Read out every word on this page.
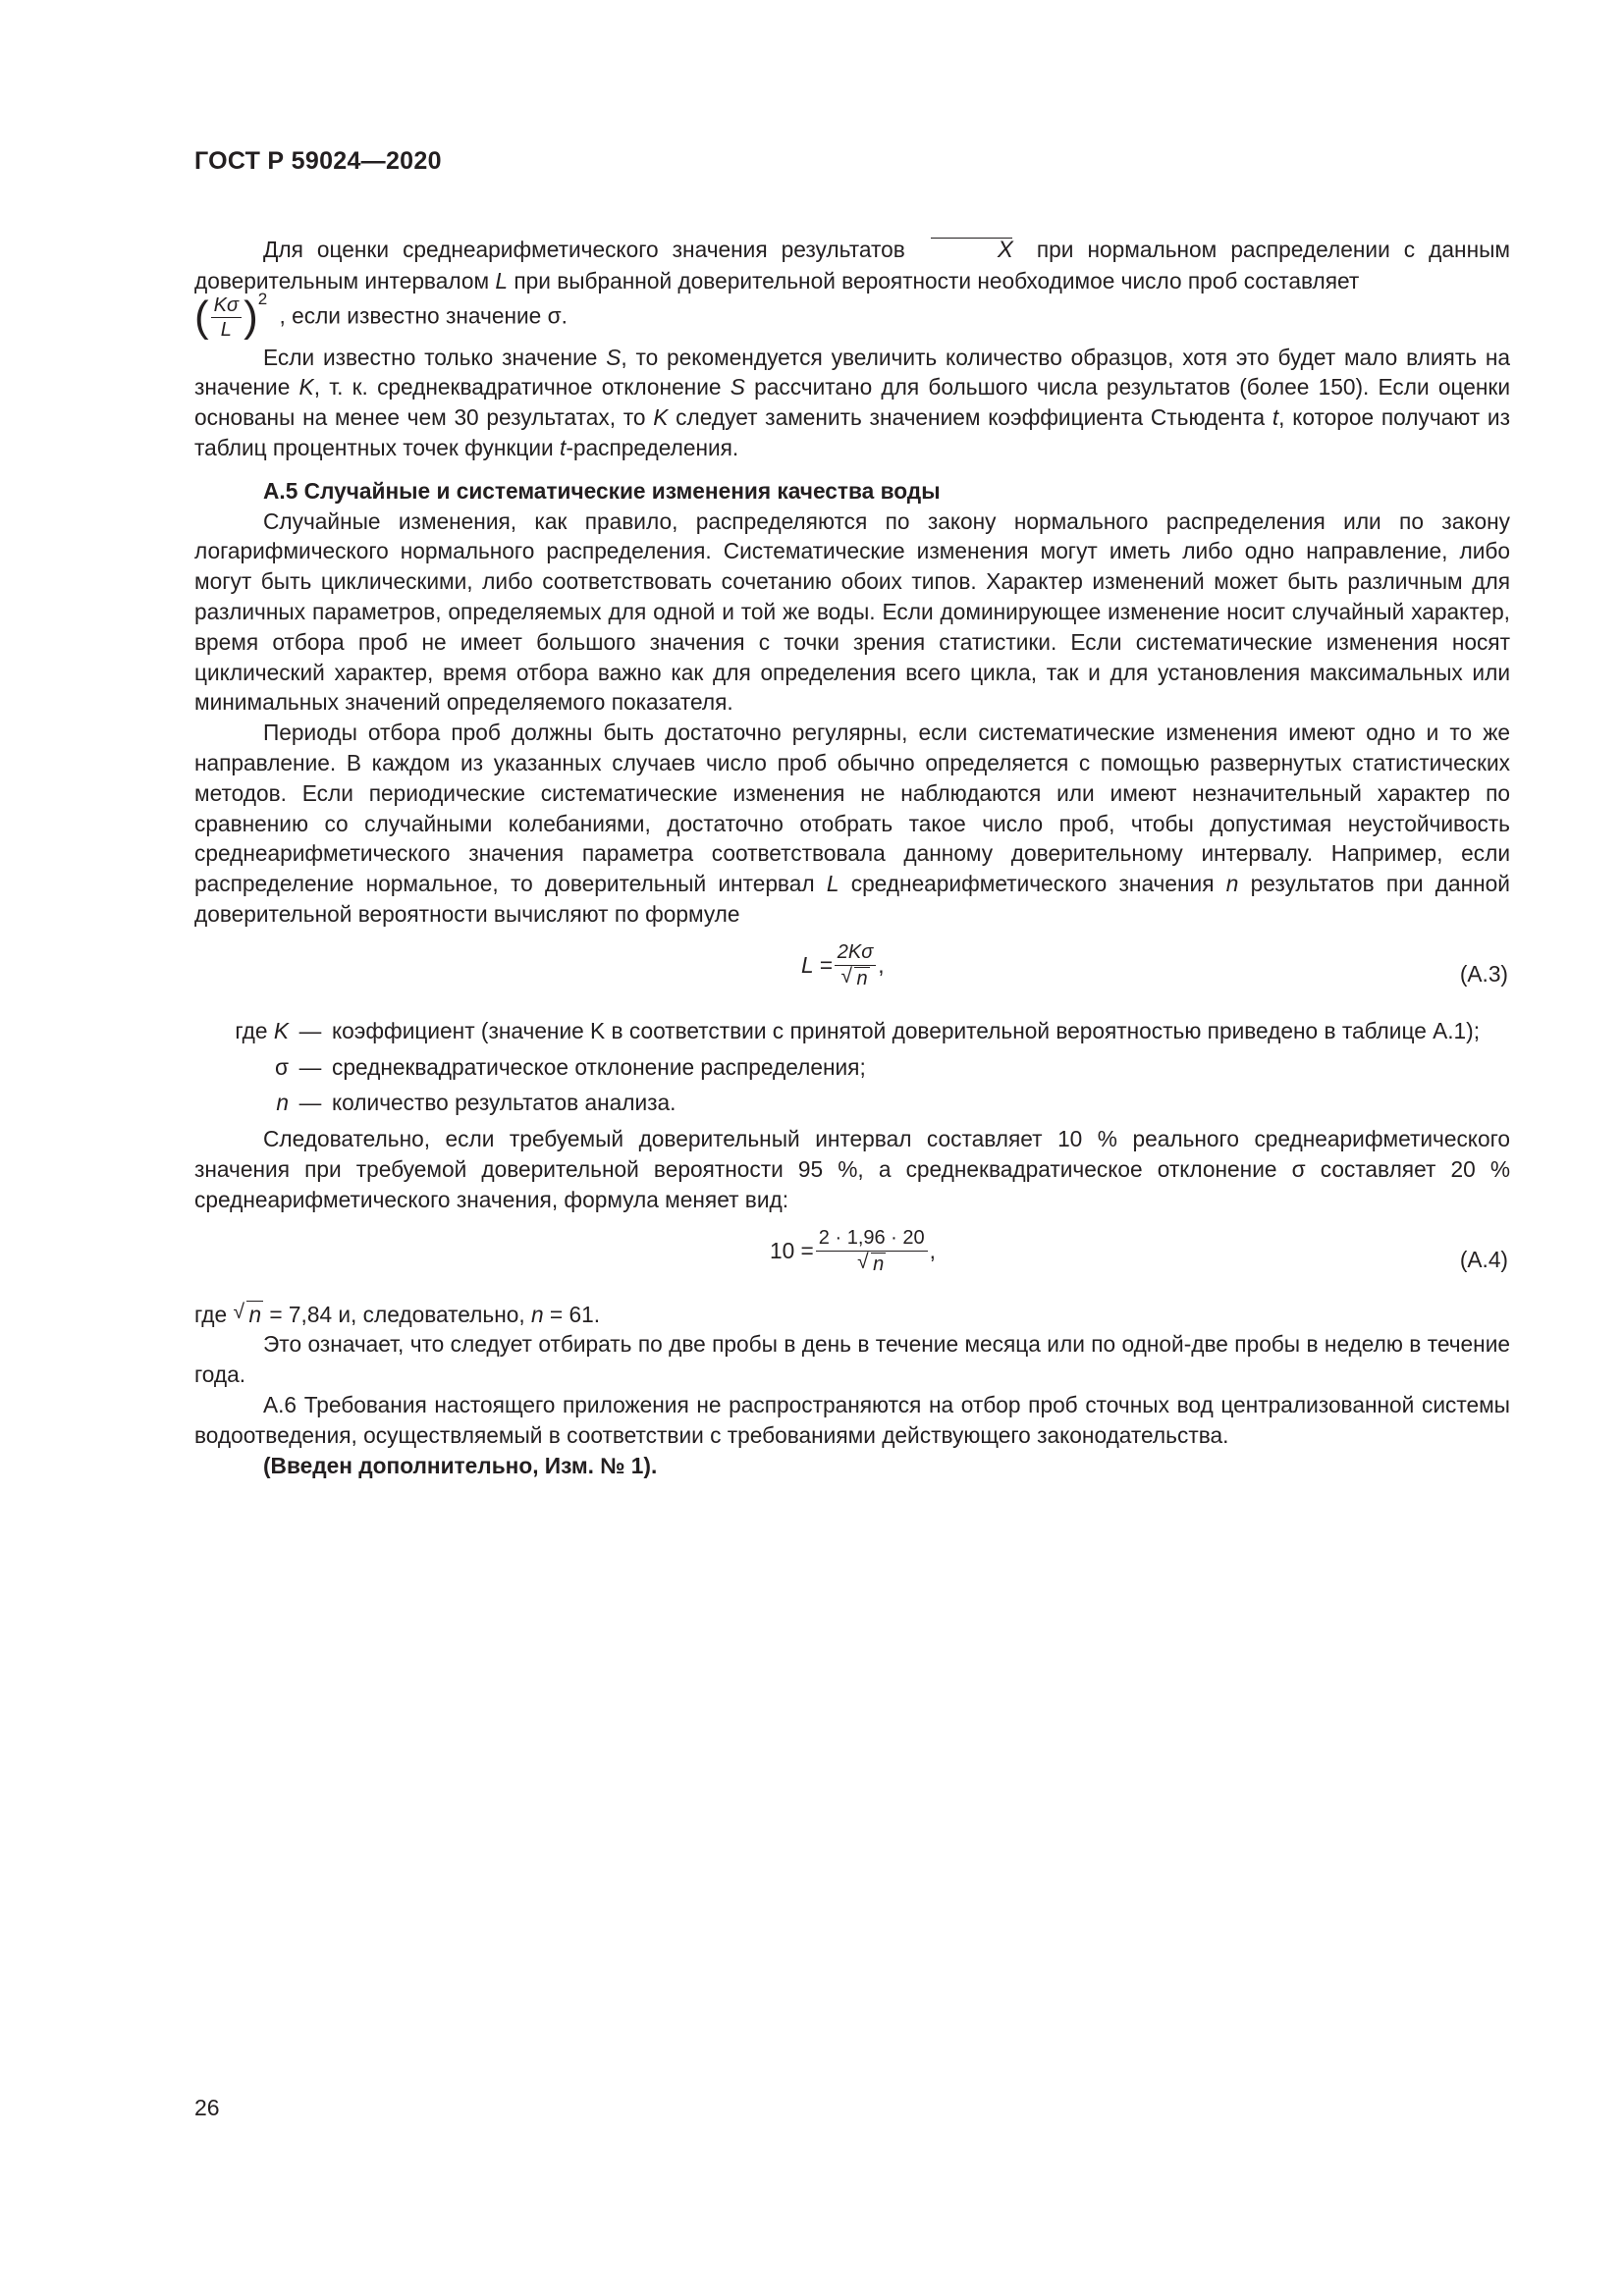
ГОСТ Р 59024—2020

Для оценки среднеарифметического значения результатов	X при нормальном распределении с данным доверительным интервалом L при выбранной доверительной вероятности необходимое число проб составляет

( $\frac{K\sigma}{L}$ ) 2
, если известно значение σ.

Если известно только значение S, то рекомендуется увеличить количество образцов, хотя это будет мало влиять на значение K, т. к. среднеквадратичное отклонение S рассчитано для большого числа результатов (более 150). Если оценки основаны на менее чем 30 результатах, то K следует заменить значением коэффициента Стьюдента t, которое получают из таблиц процентных точек функции t-распределения.

А.5 Случайные и систематические изменения качества воды

Случайные изменения, как правило, распределяются по закону нормального распределения или по закону логарифмического нормального распределения. Систематические изменения могут иметь либо одно направление, либо могут быть циклическими, либо соответствовать сочетанию обоих типов. Характер изменений может быть различным для различных параметров, определяемых для одной и той же воды. Если доминирующее изменение носит случайный характер, время отбора проб не имеет большого значения с точки зрения статистики. Если систематические изменения носят циклический характер, время отбора важно как для определения всего цикла, так и для установления максимальных или минимальных значений определяемого показателя.

Периоды отбора проб должны быть достаточно регулярны, если систематические изменения имеют одно и то же направление. В каждом из указанных случаев число проб обычно определяется с помощью развернутых статистических методов. Если периодические систематические изменения не наблюдаются или имеют незначительный характер по сравнению со случайными колебаниями, достаточно отобрать такое число проб, чтобы допустимая неустойчивость среднеарифметического значения параметра соответствовала данному доверительному интервалу. Например, если распределение нормальное, то доверительный интервал L среднеарифметического значения n результатов при данной доверительной вероятности вычисляют по формуле

$L = \frac{2K\sigma}{√ n}$ ,	(А.3)
где K — коэффициент (значение K в соответствии с принятой доверительной вероятностью приведено в таблице А.1);
σ — среднеквадратическое отклонение распределения;
n — количество результатов анализа.

Следовательно, если требуемый доверительный интервал составляет 10 % реального среднеарифметического значения при требуемой доверительной вероятности 95 %, а среднеквадратическое отклонение σ составляет 20 % среднеарифметического значения, формула меняет вид:

$10 = \frac{2 \cdot 1,96 \cdot 20}{√ n}$ ,	(А.4)
где √ n = 7,84 и, следовательно, n = 61.

Это означает, что следует отбирать по две пробы в день в течение месяца или по одной-две пробы в неделю в течение года.

А.6 Требования настоящего приложения не распространяются на отбор проб сточных вод централизованной системы водоотведения, осуществляемый в соответствии с требованиями действующего законодательства.

(Введен дополнительно, Изм. № 1).

26
